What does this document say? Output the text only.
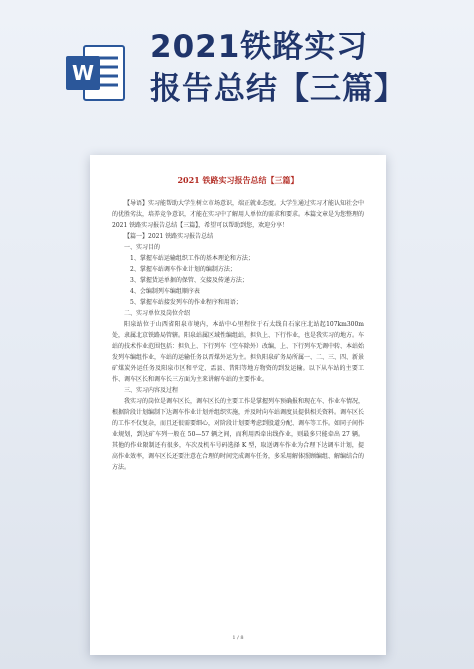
W
2021铁路实习
报告总结【三篇】
2021 铁路实习报告总结【三篇】

【导语】实习能帮助大学生树立市场意识，端正就业态度。大学生通过实习才能认知社会中的优胜劣汰，培养竞争意识，才能在实习中了解用人单位的需求和要求。本篇文章是为您整理的 2021 铁路实习报告总结【三篇】，希望可以帮助到您，欢迎分享！

【篇一】2021 铁路实习报告总结

一、实习目的

1、掌握车站运输组织工作的基本理论和方法；

2、掌握车站调车作业计划的编制方法；

3、掌握货运单据的保管、交接及传递方法；

4、会编制列车编组顺序表

5、掌握车站接发列车的作业程序和用语；

二、实习单位及岗位介绍

阳泉站位于山西省阳泉市境内，本站中心里程位于石太线自石家庄北站起107km300m 处，隶属北京铁路局管辖。阳泉站属区域性编组站，担负上、下行作业，也是我实习的地方。车站的技术作业范围包括：担负上、下行列车（空车除外）改编，上、下行列车无调中转、本站始发列车编组作业，车站的运输任务以晋煤外运为主。担负阳泉矿务局所属一、二、三、四、新景矿煤炭外运任务及阳泉市区和平定、盂县、昔阳等地方物资的到发运输。以下从车站的主要工作、调车区长和调车长三方面为主来讲解车站的主要作业。

三、实习内容及过程

我实习的岗位是调车区长，调车区长的主要工作是掌握列车预确报和现在车、作业车情况，根据阶段计划编制下达调车作业计划并组织实施，并及时向车站调度员提供相关资料。调车区长的工作不仅复杂，而且还很需要细心，对阶段计划要考虑到股道分配、调车等工作。如同子间作业规划，到达矿车列一般在 50—57 辆之间，而利用西牵出线作业，则最多只能牵出 27 辆。其他的作业限制还有很多，车次及机车号码选择 K 型，取送调车作业为合理下达调车计划，提高作业效率，调车区长还要注意在合理的时间完成调车任务，多采用解体照顾编组、解编结合的方法。

1 / 8
